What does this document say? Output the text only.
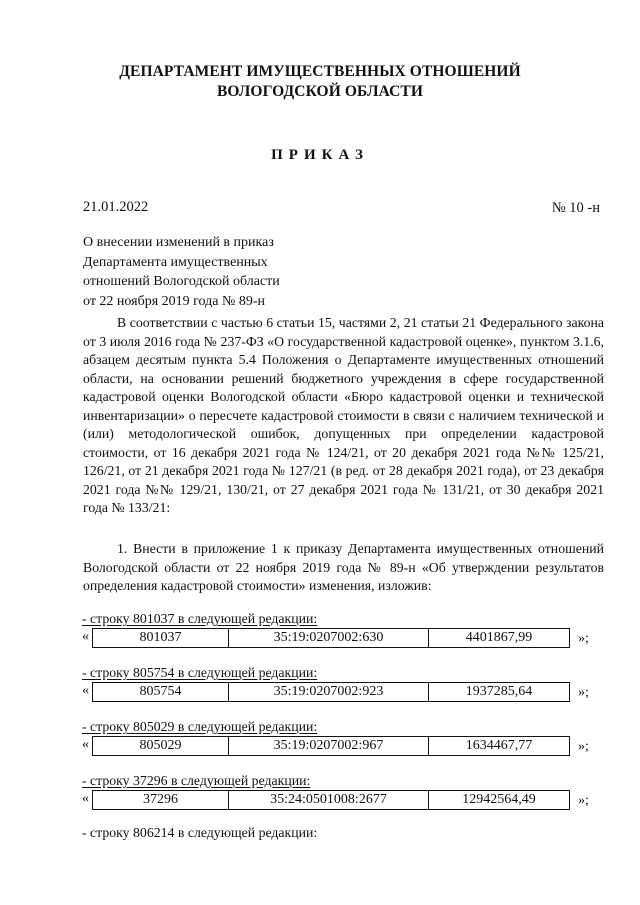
ДЕПАРТАМЕНТ ИМУЩЕСТВЕННЫХ ОТНОШЕНИЙ
ВОЛОГОДСКОЙ ОБЛАСТИ
ПРИКАЗ
21.01.2022	№ 10 -н
О внесении изменений в приказ
Департамента имущественных
отношений Вологодской области
от 22 ноября 2019 года № 89-н

В соответствии с частью 6 статьи 15, частями 2, 21 статьи 21 Федерального закона от 3 июля 2016 года № 237-ФЗ «О государственной кадастровой оценке», пунктом 3.1.6, абзацем десятым пункта 5.4 Положения о Департаменте имущественных отношений области, на основании решений бюджетного учреждения в сфере государственной кадастровой оценки Вологодской области «Бюро кадастровой оценки и технической инвентаризации» о пересчете кадастровой стоимости в связи с наличием технической и (или) методологической ошибок, допущенных при определении кадастровой стоимости, от 16 декабря 2021 года № 124/21, от 20 декабря 2021 года №№ 125/21, 126/21, от 21 декабря 2021 года № 127/21 (в ред. от 28 декабря 2021 года), от 23 декабря 2021 года №№ 129/21, 130/21, от 27 декабря 2021 года № 131/21, от 30 декабря 2021 года № 133/21:

1. Внести в приложение 1 к приказу Департамента имущественных отношений Вологодской области от 22 ноября 2019 года № 89-н «Об утверждении результатов определения кадастровой стоимости» изменения, изложив:

- строку 801037 в следующей редакции:
«	801037	35:19:0207002:630	4401867,99	»;
- строку 805754 в следующей редакции:
«	805754	35:19:0207002:923	1937285,64	»;
- строку 805029 в следующей редакции:
«	805029	35:19:0207002:967	1634467,77	»;
- строку 37296 в следующей редакции:
«	37296	35:24:0501008:2677	12942564,49	»;
- строку 806214 в следующей редакции:
